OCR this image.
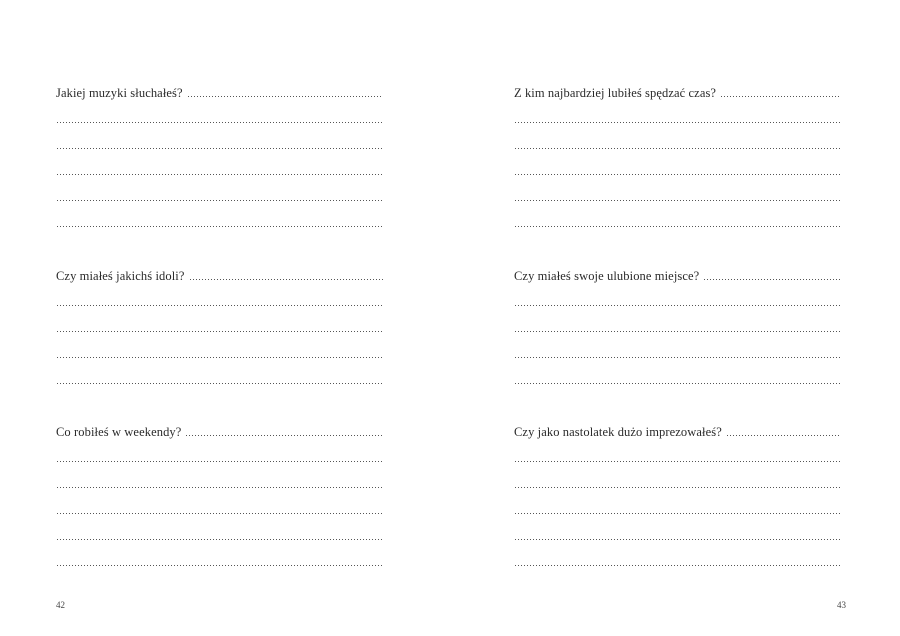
Jakiej muzyki słuchałeś?
Czy miałeś jakichś idoli?
Co robiłeś w weekendy?
42
Z kim najbardziej lubiłeś spędzać czas?
Czy miałeś swoje ulubione miejsce?
Czy jako nastolatek dużo imprezowałeś?
43
